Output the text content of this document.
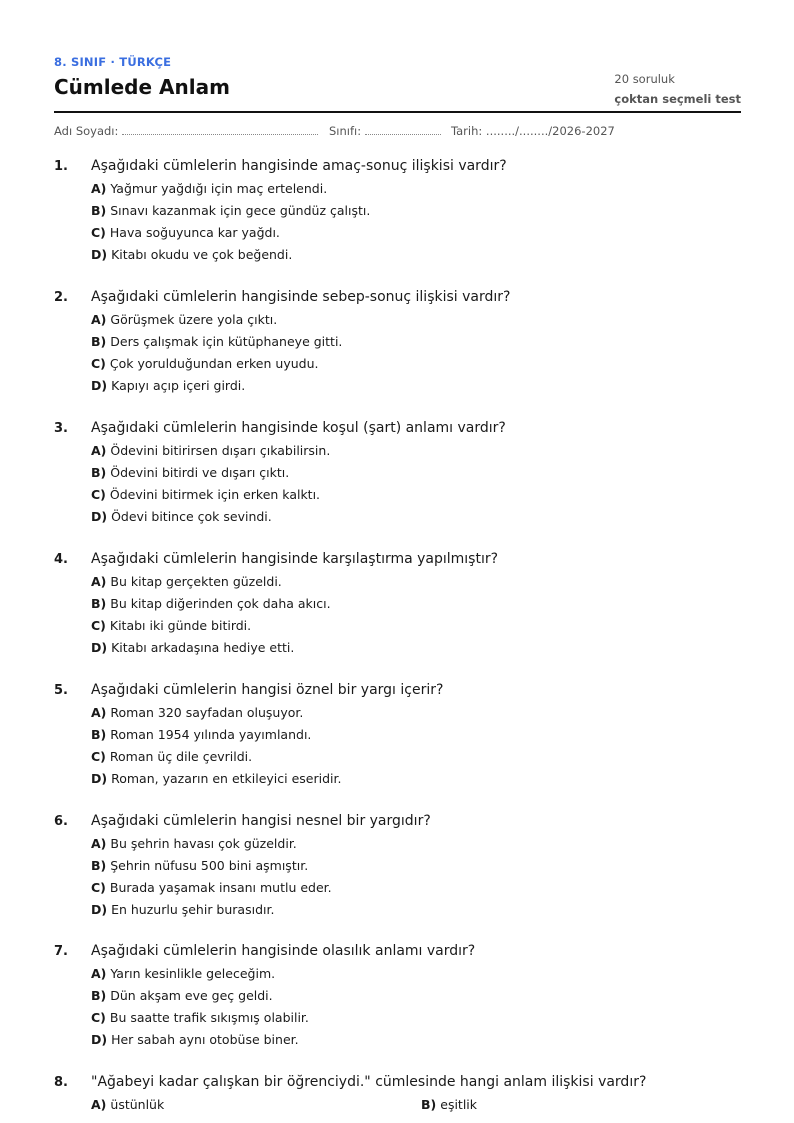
8. SINIF · TÜRKÇE
Cümlede Anlam	20 soruluk
çoktan seçmeli test
Adı Soyadı:	Sınıfı:	Tarih: ......../......../2026-2027
1. Aşağıdaki cümlelerin hangisinde amaç-sonuç ilişkisi vardır?
A) Yağmur yağdığı için maç ertelendi.
B) Sınavı kazanmak için gece gündüz çalıştı.
C) Hava soğuyunca kar yağdı.
D) Kitabı okudu ve çok beğendi.
2. Aşağıdaki cümlelerin hangisinde sebep-sonuç ilişkisi vardır?
A) Görüşmek üzere yola çıktı.
B) Ders çalışmak için kütüphaneye gitti.
C) Çok yorulduğundan erken uyudu.
D) Kapıyı açıp içeri girdi.
3. Aşağıdaki cümlelerin hangisinde koşul (şart) anlamı vardır?
A) Ödevini bitirirsen dışarı çıkabilirsin.
B) Ödevini bitirdi ve dışarı çıktı.
C) Ödevini bitirmek için erken kalktı.
D) Ödevi bitince çok sevindi.
4. Aşağıdaki cümlelerin hangisinde karşılaştırma yapılmıştır?
A) Bu kitap gerçekten güzeldi.
B) Bu kitap diğerinden çok daha akıcı.
C) Kitabı iki günde bitirdi.
D) Kitabı arkadaşına hediye etti.
5. Aşağıdaki cümlelerin hangisi öznel bir yargı içerir?
A) Roman 320 sayfadan oluşuyor.
B) Roman 1954 yılında yayımlandı.
C) Roman üç dile çevrildi.
D) Roman, yazarın en etkileyici eseridir.
6. Aşağıdaki cümlelerin hangisi nesnel bir yargıdır?
A) Bu şehrin havası çok güzeldir.
B) Şehrin nüfusu 500 bini aşmıştır.
C) Burada yaşamak insanı mutlu eder.
D) En huzurlu şehir burasıdır.
7. Aşağıdaki cümlelerin hangisinde olasılık anlamı vardır?
A) Yarın kesinlikle geleceğim.
B) Dün akşam eve geç geldi.
C) Bu saatte trafik sıkışmış olabilir.
D) Her sabah aynı otobüse biner.
8. "Ağabeyi kadar çalışkan bir öğrenciydi." cümlesinde hangi anlam ilişkisi vardır?
A) üstünlük	B) eşitlik
